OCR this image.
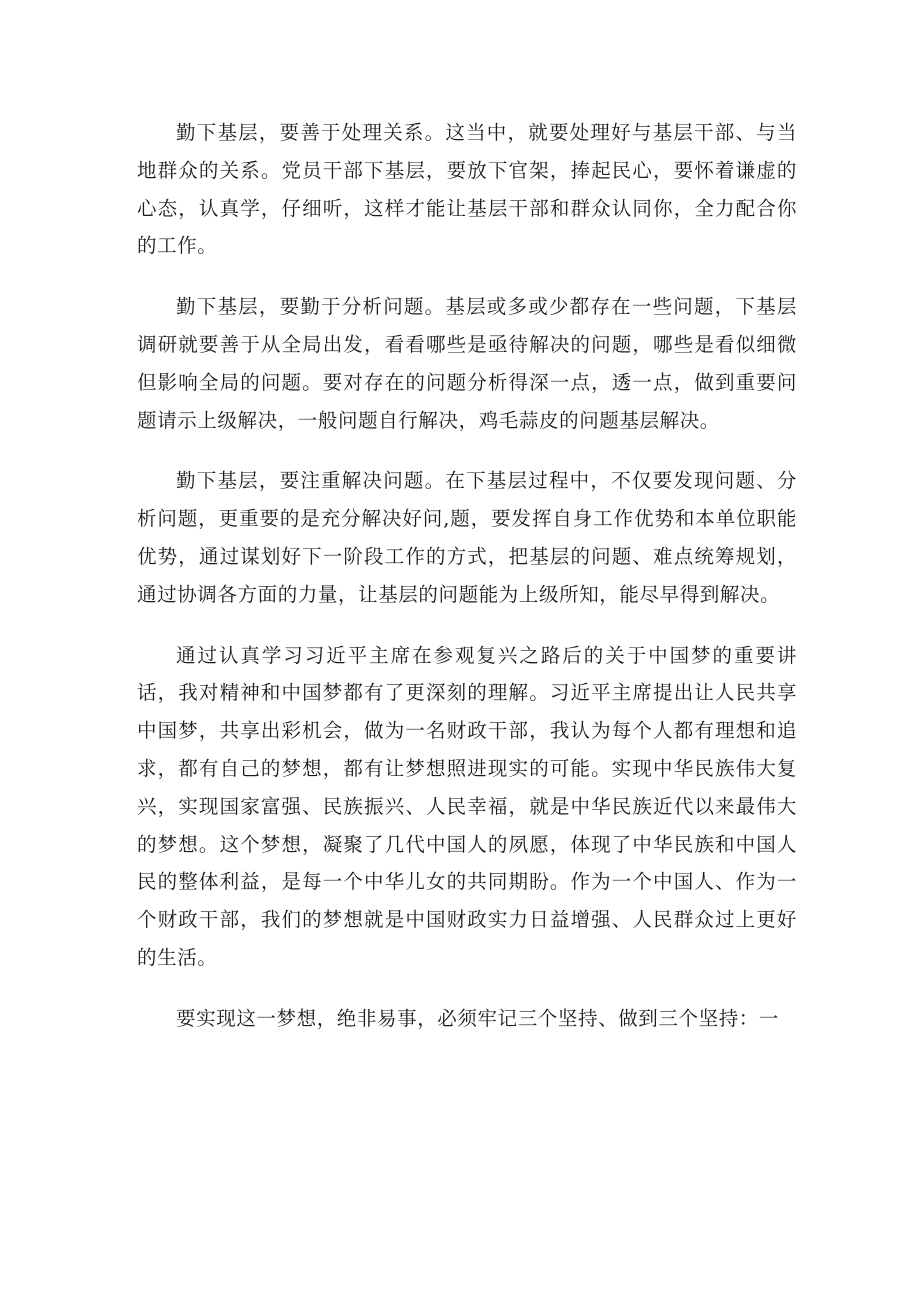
勤下基层，要善于处理关系。这当中，就要处理好与基层干部、与当地群众的关系。党员干部下基层，要放下官架，捧起民心，要怀着谦虚的心态，认真学，仔细听，这样才能让基层干部和群众认同你，全力配合你的工作。

勤下基层，要勤于分析问题。基层或多或少都存在一些问题，下基层调研就要善于从全局出发，看看哪些是亟待解决的问题，哪些是看似细微但影响全局的问题。要对存在的问题分析得深一点，透一点，做到重要问题请示上级解决，一般问题自行解决，鸡毛蒜皮的问题基层解决。

勤下基层，要注重解决问题。在下基层过程中，不仅要发现问题、分析问题，更重要的是充分解决好问,题，要发挥自身工作优势和本单位职能优势，通过谋划好下一阶段工作的方式，把基层的问题、难点统筹规划，通过协调各方面的力量，让基层的问题能为上级所知，能尽早得到解决。

通过认真学习习近平主席在参观复兴之路后的关于中国梦的重要讲话，我对精神和中国梦都有了更深刻的理解。习近平主席提出让人民共享中国梦，共享出彩机会，做为一名财政干部，我认为每个人都有理想和追求，都有自己的梦想，都有让梦想照进现实的可能。实现中华民族伟大复兴，实现国家富强、民族振兴、人民幸福，就是中华民族近代以来最伟大的梦想。这个梦想，凝聚了几代中国人的夙愿，体现了中华民族和中国人民的整体利益，是每一个中华儿女的共同期盼。作为一个中国人、作为一个财政干部，我们的梦想就是中国财政实力日益增强、人民群众过上更好的生活。

要实现这一梦想，绝非易事，必须牢记三个坚持、做到三个坚持：一
